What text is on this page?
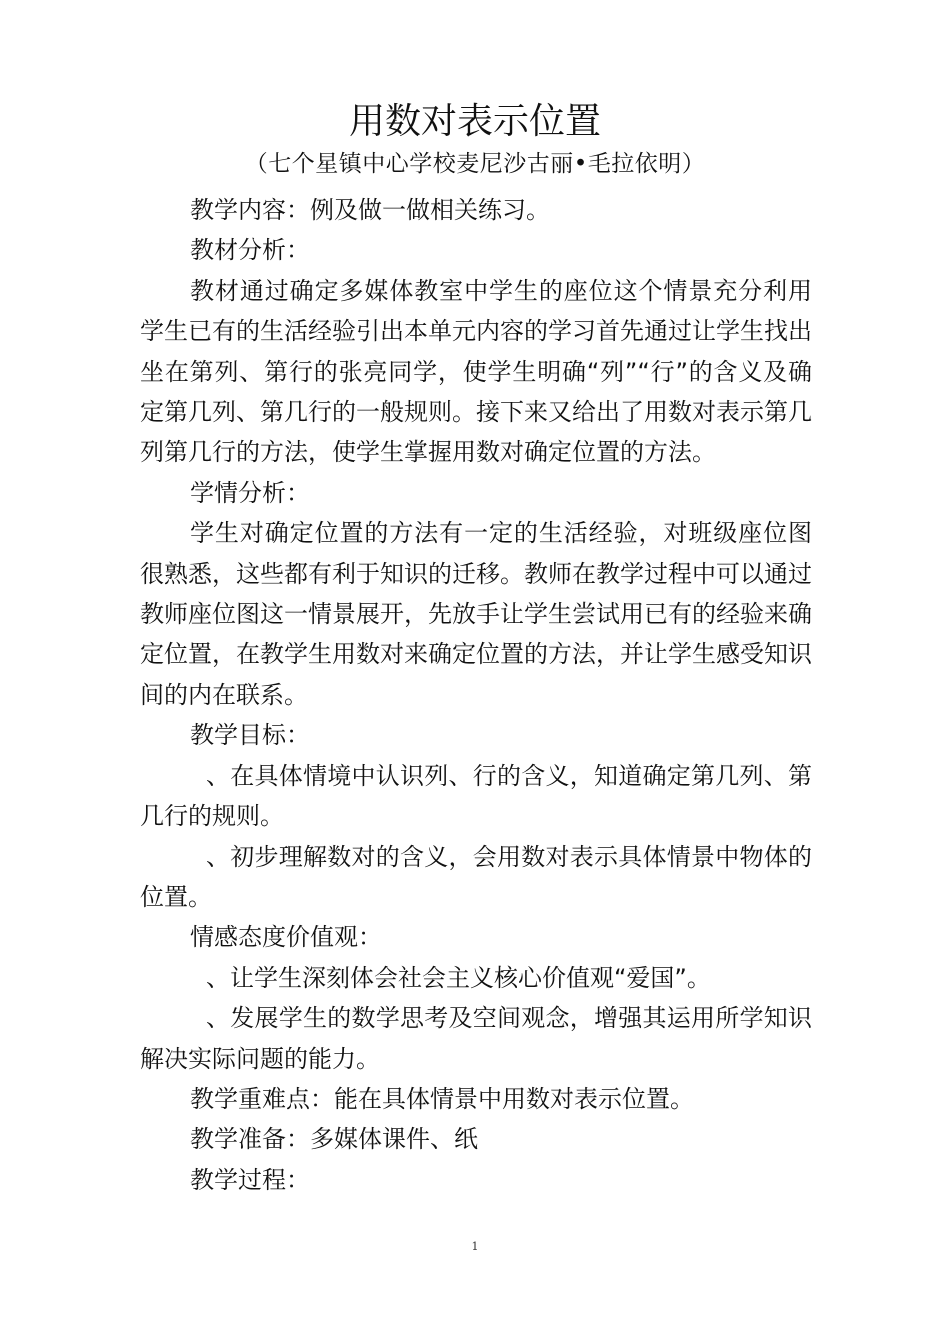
用数对表示位置
（七个星镇中心学校麦尼沙古丽•毛拉依明）

教学内容：例及做一做相关练习。

教材分析：

教材通过确定多媒体教室中学生的座位这个情景充分利用学生已有的生活经验引出本单元内容的学习首先通过让学生找出坐在第列、第行的张亮同学，使学生明确“列”“行”的含义及确定第几列、第几行的一般规则。接下来又给出了用数对表示第几列第几行的方法，使学生掌握用数对确定位置的方法。

学情分析：

学生对确定位置的方法有一定的生活经验，对班级座位图很熟悉，这些都有利于知识的迁移。教师在教学过程中可以通过教师座位图这一情景展开，先放手让学生尝试用已有的经验来确定位置，在教学生用数对来确定位置的方法，并让学生感受知识间的内在联系。

教学目标：

、在具体情境中认识列、行的含义，知道确定第几列、第几行的规则。

、初步理解数对的含义，会用数对表示具体情景中物体的位置。

情感态度价值观：

、让学生深刻体会社会主义核心价值观“爱国”。

、发展学生的数学思考及空间观念，增强其运用所学知识解决实际问题的能力。

教学重难点：能在具体情景中用数对表示位置。

教学准备：多媒体课件、纸

教学过程：

1
